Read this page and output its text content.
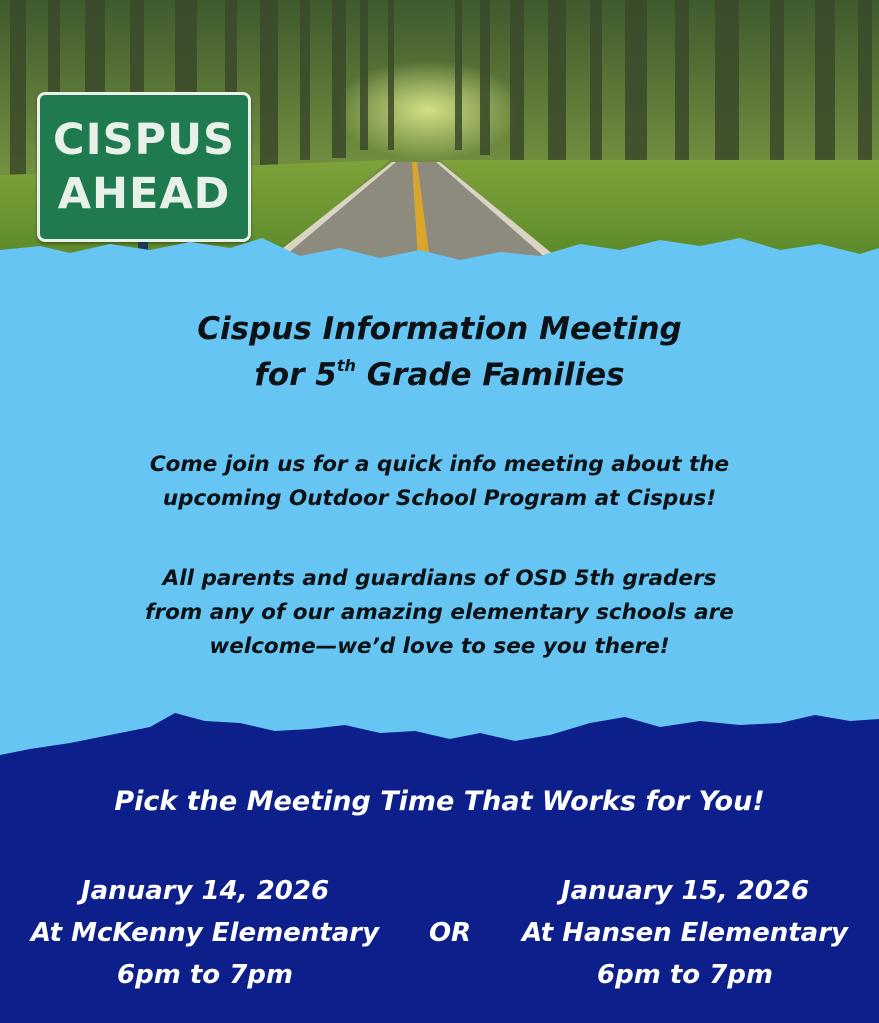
CISPUS
AHEAD
Cispus Information Meeting
for 5th Grade Families
Come join us for a quick info meeting about the
upcoming Outdoor School Program at Cispus!
All parents and guardians of OSD 5th graders
from any of our amazing elementary schools are
welcome—we’d love to see you there!
Pick the Meeting Time That Works for You!
January 14, 2026
At McKenny Elementary
6pm to 7pm
OR
January 15, 2026
At Hansen Elementary
6pm to 7pm
